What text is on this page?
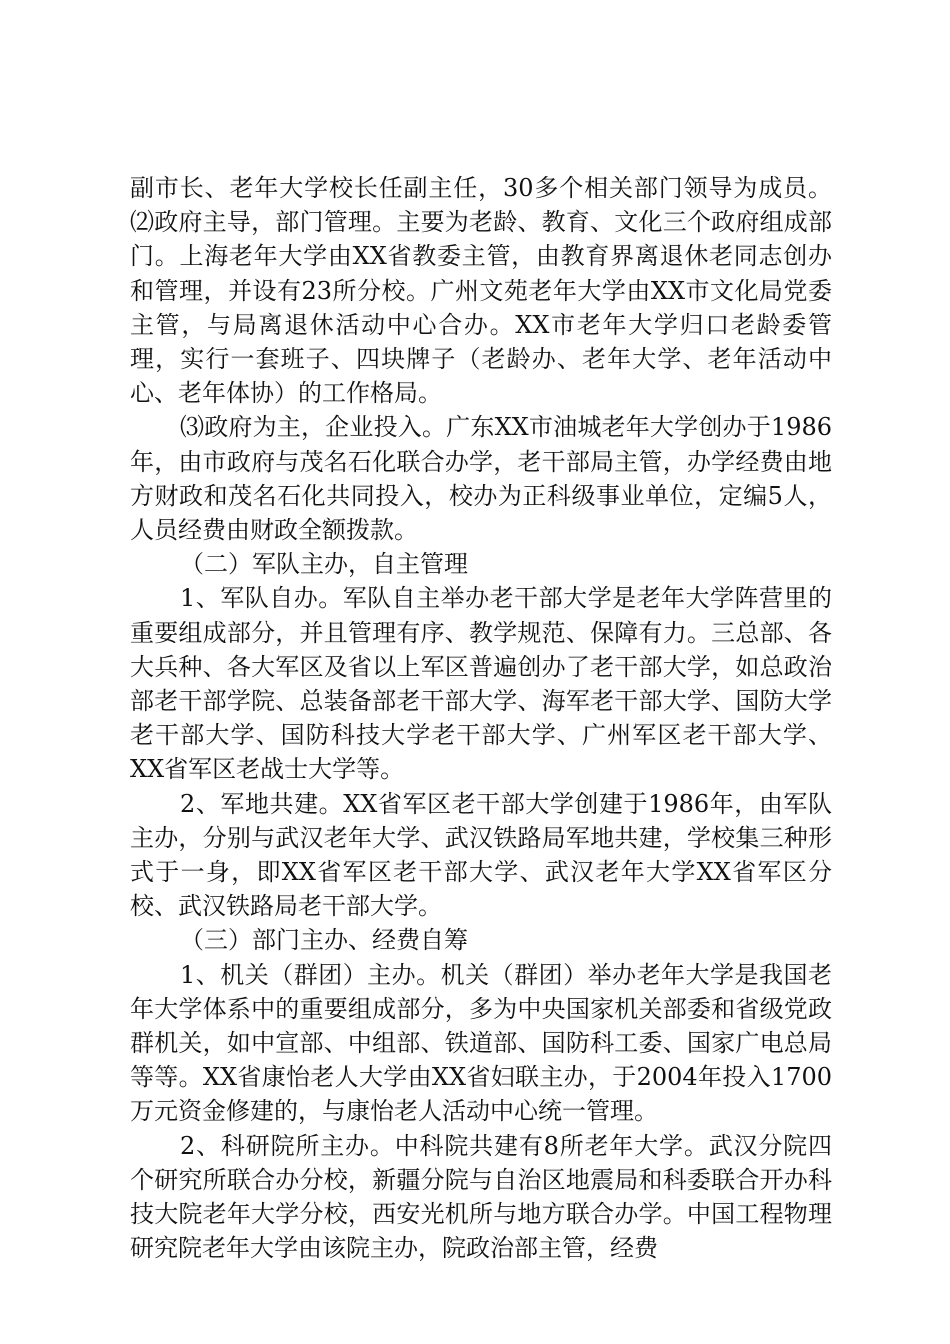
副市长、老年大学校长任副主任，30多个相关部门领导为成员。⑵政府主导，部门管理。主要为老龄、教育、文化三个政府组成部门。上海老年大学由XX省教委主管，由教育界离退休老同志创办和管理，并设有23所分校。广州文苑老年大学由XX市文化局党委主管，与局离退休活动中心合办。XX市老年大学归口老龄委管理，实行一套班子、四块牌子（老龄办、老年大学、老年活动中心、老年体协）的工作格局。

⑶政府为主，企业投入。广东XX市油城老年大学创办于1986年，由市政府与茂名石化联合办学，老干部局主管，办学经费由地方财政和茂名石化共同投入，校办为正科级事业单位，定编5人，人员经费由财政全额拨款。

（二）军队主办，自主管理

1、军队自办。军队自主举办老干部大学是老年大学阵营里的重要组成部分，并且管理有序、教学规范、保障有力。三总部、各大兵种、各大军区及省以上军区普遍创办了老干部大学，如总政治部老干部学院、总装备部老干部大学、海军老干部大学、国防大学老干部大学、国防科技大学老干部大学、广州军区老干部大学、XX省军区老战士大学等。

2、军地共建。XX省军区老干部大学创建于1986年，由军队主办，分别与武汉老年大学、武汉铁路局军地共建，学校集三种形式于一身，即XX省军区老干部大学、武汉老年大学XX省军区分校、武汉铁路局老干部大学。

（三）部门主办、经费自筹

1、机关（群团）主办。机关（群团）举办老年大学是我国老年大学体系中的重要组成部分，多为中央国家机关部委和省级党政群机关，如中宣部、中组部、铁道部、国防科工委、国家广电总局等等。XX省康怡老人大学由XX省妇联主办，于2004年投入1700万元资金修建的，与康怡老人活动中心统一管理。

2、科研院所主办。中科院共建有8所老年大学。武汉分院四个研究所联合办分校，新疆分院与自治区地震局和科委联合开办科技大院老年大学分校，西安光机所与地方联合办学。中国工程物理研究院老年大学由该院主办，院政治部主管，经费
